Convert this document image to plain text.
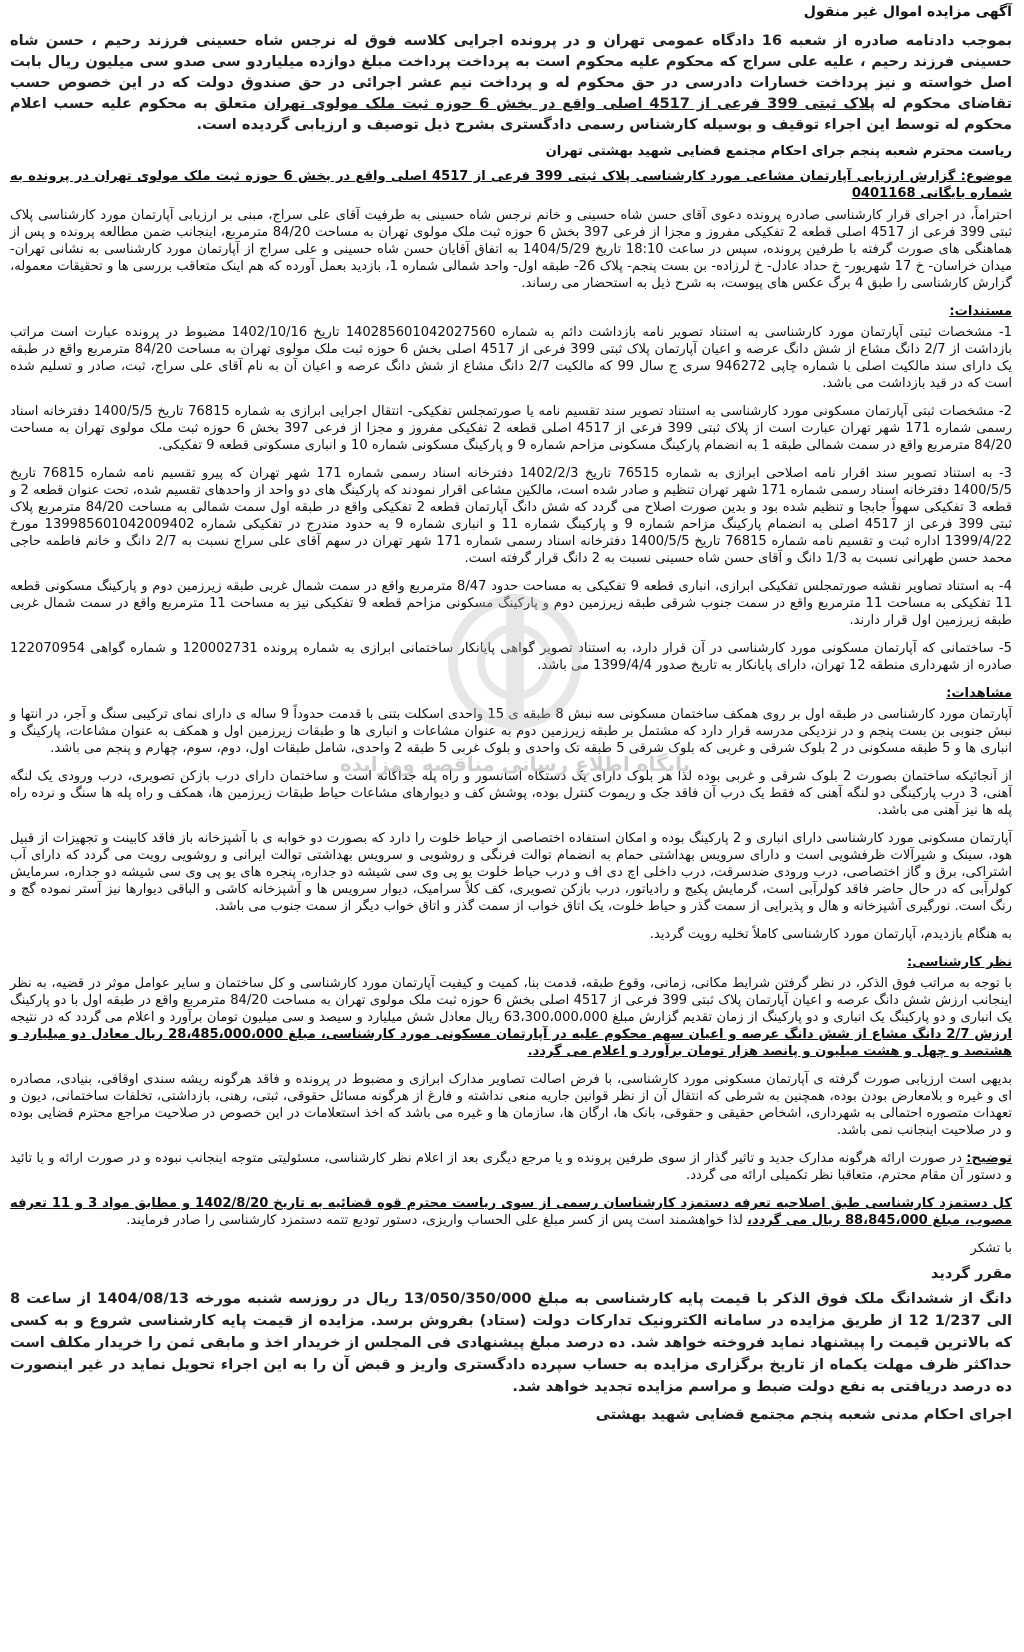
پایگاه اطلاع رسانی مناقصه ومزایده

آگهی مزایده اموال غیر منقول

بموجب دادنامه صادره از شعبه 16 دادگاه عمومی تهران و در پرونده اجرایی کلاسه فوق له نرجس شاه حسینی فرزند رحیم ، حسن شاه حسینی فرزند رحیم ، علیه علی سراج که محکوم علیه محکوم است به پرداخت پرداخت مبلغ دوازده میلیاردو سی صدو سی میلیون ریال بابت اصل خواسته و نیز پرداخت خسارات دادرسی در حق محکوم له و پرداخت نیم عشر اجرائی در حق صندوق دولت که در این خصوص حسب تقاضای محکوم له پلاک ثبتی 399 فرعی از 4517 اصلی واقع در بخش 6 حوزه ثبت ملک مولوی تهران متعلق به محکوم علیه حسب اعلام محکوم له توسط این اجراء توقیف و بوسیله کارشناس رسمی دادگستری بشرح ذیل توصیف و ارزیابی گردیده است.

ریاست محترم شعبه پنجم جرای احکام مجتمع قضایی شهید بهشتی تهران

موضوع: گزارش ارزیابی آپارتمان مشاعی مورد کارشناسی پلاک ثبتی 399 فرعی از 4517 اصلی واقع در بخش 6 حوزه ثبت ملک مولوی تهران در پرونده به شماره بایگانی 0401168

احتراماً، در اجرای قرار کارشناسی صادره پرونده دعوی آقای حسن شاه حسینی و خانم نرجس شاه حسینی به طرفیت آقای علی سراج، مبنی بر ارزیابی آپارتمان مورد کارشناسی پلاک ثبتی 399 فرعی از 4517 اصلی قطعه 2 تفکیکی مفروز و مجزا از فرعی 397 بخش 6 حوزه ثبت ملک مولوی تهران به مساحت 84/20 مترمربع، اینجانب ضمن مطالعه پرونده و پس از هماهنگی های صورت گرفته با طرفین پرونده، سپس در ساعت 18:10 تاریخ 1404/5/29 به اتفاق آقایان حسن شاه حسینی و علی سراج از آپارتمان مورد کارشناسی به نشانی تهران- میدان خراسان- خ 17 شهریور- خ حداد عادل- خ لرزاده- بن بست پنجم- پلاک 26- طبقه اول- واحد شمالی شماره 1، بازدید بعمل آورده که هم اینک متعاقب بررسی ها و تحقیقات معموله، گزارش کارشناسی را طبق 4 برگ عکس های پیوست، به شرح ذیل به استحضار می رساند.

مستندات:

1- مشخصات ثبتی آپارتمان مورد کارشناسی به استناد تصویر نامه بازداشت دائم به شماره 140285601042027560 تاریخ 1402/10/16 مضبوط در پرونده عبارت است مراتب بازداشت از 2/7 دانگ مشاع از شش دانگ عرصه و اعیان آپارتمان پلاک ثبتی 399 فرعی از 4517 اصلی بخش 6 حوزه ثبت ملک مولوی تهران به مساحت 84/20 مترمربع واقع در طبقه یک دارای سند مالکیت اصلی با شماره چاپی 946272 سری ج سال 99 که مالکیت 2/7 دانگ مشاع از شش دانگ عرصه و اعیان آن به نام آقای علی سراج، ثبت، صادر و تسلیم شده است که در قید بازداشت می باشد.

2- مشخصات ثبتی آپارتمان مسکونی مورد کارشناسی به استناد تصویر سند تقسیم نامه یا صورتمجلس تفکیکی- انتقال اجرایی ابرازی به شماره 76815 تاریخ 1400/5/5 دفترخانه اسناد رسمی شماره 171 شهر تهران عبارت است از پلاک ثبتی 399 فرعی از 4517 اصلی قطعه 2 تفکیکی مفروز و مجزا از فرعی 397 بخش 6 حوزه ثبت ملک مولوی تهران به مساحت 84/20 مترمربع واقع در سمت شمالی طبقه 1 به انضمام پارکینگ مسکونی مزاحم شماره 9 و پارکینگ مسکونی شماره 10 و انباری مسکونی قطعه 9 تفکیکی.

3- به استناد تصویر سند اقرار نامه اصلاحی ابرازی به شماره 76515 تاریخ 1402/2/3 دفترخانه اسناد رسمی شماره 171 شهر تهران که پیرو تقسیم نامه شماره 76815 تاریخ 1400/5/5 دفترخانه اسناد رسمی شماره 171 شهر تهران تنظیم و صادر شده است، مالکین مشاعی اقرار نمودند که پارکینگ های دو واحد از واحدهای تقسیم شده، تحت عنوان قطعه 2 و قطعه 3 تفکیکی سهواً جابجا و تنظیم شده بود و بدین صورت اصلاح می گردد که شش دانگ آپارتمان قطعه 2 تفکیکی واقع در طبقه اول سمت شمالی به مساحت 84/20 مترمربع پلاک ثبتی 399 فرعی از 4517 اصلی به انضمام پارکینگ مزاحم شماره 9 و پارکینگ شماره 11 و انباری شماره 9 به حدود مندرج در تفکیکی شماره 139985601042009402 مورخ 1399/4/22 اداره ثبت و تقسیم نامه شماره 76815 تاریخ 1400/5/5 دفترخانه اسناد رسمی شماره 171 شهر تهران در سهم آقای علی سراج نسبت به 2/7 دانگ و خانم فاطمه حاجی محمد حسن طهرانی نسبت به 1/3 دانگ و آقای حسن شاه حسینی نسبت به 2 دانگ قرار گرفته است.

4- به استناد تصاویر نقشه صورتمجلس تفکیکی ابرازی، انباری قطعه 9 تفکیکی به مساحت حدود 8/47 مترمربع واقع در سمت شمال غربی طبقه زیرزمین دوم و پارکینگ مسکونی قطعه 11 تفکیکی به مساحت 11 مترمربع واقع در سمت جنوب شرقی طبقه زیرزمین دوم و پارکینگ مسکونی مزاحم قطعه 9 تفکیکی نیز به مساحت 11 مترمربع واقع در سمت شمال غربی طبقه زیرزمین اول قرار دارند.

5- ساختمانی که آپارتمان مسکونی مورد کارشناسی در آن قرار دارد، به استناد تصویر گواهی پایانکار ساختمانی ابرازی به شماره پرونده 120002731 و شماره گواهی 122070954 صادره از شهرداری منطقه 12 تهران، دارای پایانکار به تاریخ صدور 1399/4/4 می باشد.

مشاهدات:

آپارتمان مورد کارشناسی در طبقه اول بر روی همکف ساختمان مسکونی سه نبش 8 طبقه ی 15 واحدی اسکلت بتنی با قدمت حدوداً 9 ساله ی دارای نمای ترکیبی سنگ و آجر، در انتها و نبش جنوبی بن بست پنجم و در نزدیکی مدرسه قرار دارد که مشتمل بر طبقه زیرزمین دوم به عنوان مشاعات و انباری ها و طبقات زیرزمین اول و همکف به عنوان مشاعات، پارکینگ و انباری ها و 5 طبقه مسکونی در 2 بلوک شرقی و غربی که بلوک شرقی 5 طبقه تک واحدی و بلوک غربی 5 طبقه 2 واحدی، شامل طبقات اول، دوم، سوم، چهارم و پنجم می باشد.

از آنجائیکه ساختمان بصورت 2 بلوک شرقی و غربی بوده لذا هر بلوک دارای یک دستگاه آسانسور و راه پله جداگانه است و ساختمان دارای درب بازکن تصویری، درب ورودی یک لنگه آهنی، 3 درب پارکینگی دو لنگه آهنی که فقط یک درب آن فاقد جک و ریموت کنترل بوده، پوشش کف و دیوارهای مشاعات حیاط طبقات زیرزمین ها، همکف و راه پله ها سنگ و نرده راه پله ها نیز آهنی می باشد.

آپارتمان مسکونی مورد کارشناسی دارای انباری و 2 پارکینگ بوده و امکان استفاده اختصاصی از حیاط خلوت را دارد که بصورت دو خوابه ی با آشپزخانه باز فاقد کابینت و تجهیزات از قبیل هود، سینک و شیرآلات ظرفشویی است و دارای سرویس بهداشتی حمام به انضمام توالت فرنگی و روشویی و سرویس بهداشتی توالت ایرانی و روشویی رویت می گردد که دارای آب اشتراکی، برق و گاز اختصاصی، درب ورودی ضدسرقت، درب داخلی اچ دی اف و درب حیاط خلوت یو پی وی سی شیشه دو جداره، پنجره های یو پی وی سی شیشه دو جداره، سرمایش کولرآبی که در حال حاضر فاقد کولرآبی است، گرمایش پکیج و رادیاتور، درب بازکن تصویری، کف کلاً سرامیک، دیوار سرویس ها و آشپزخانه کاشی و الباقی دیوارها نیز آستر نموده گچ و رنگ است. نورگیری آشپزخانه و هال و پذیرایی از سمت گذر و حیاط خلوت، یک اتاق خواب از سمت گذر و اتاق خواب دیگر از سمت جنوب می باشد.

به هنگام بازدیدم، آپارتمان مورد کارشناسی کاملاً تخلیه رویت گردید.

نظر کارشناسی:

با توجه به مراتب فوق الذکر، در نظر گرفتن شرایط مکانی، زمانی، وقوع طبقه، قدمت بنا، کمیت و کیفیت آپارتمان مورد کارشناسی و کل ساختمان و سایر عوامل موثر در قضیه، به نظر اینجانب ارزش شش دانگ عرصه و اعیان آپارتمان پلاک ثبتی 399 فرعی از 4517 اصلی بخش 6 حوزه ثبت ملک مولوی تهران به مساحت 84/20 مترمربع واقع در طبقه اول با دو پارکینگ یک انباری و دو پارکینگ یک انباری و دو پارکینگ از زمان تقدیم گزارش مبلغ 63،300،000،000 ریال معادل شش میلیارد و سیصد و سی میلیون تومان برآورد و اعلام می گردد که در نتیجه ارزش 2/7 دانگ مشاع از شش دانگ عرصه و اعیان سهم محکوم علیه در آپارتمان مسکونی مورد کارشناسی، مبلغ 28،485،000،000 ریال معادل دو میلیارد و هشتصد و چهل و هشت میلیون و پانصد هزار تومان برآورد و اعلام می گردد.

بدیهی است ارزیابی صورت گرفته ی آپارتمان مسکونی مورد کارشناسی، با فرض اصالت تصاویر مدارک ابرازی و مضبوط در پرونده و فاقد هرگونه ریشه سندی اوقافی، بنیادی، مصادره ای و غیره و بلامعارض بودن بوده، همچنین به شرطی که انتقال آن از نظر قوانین جاریه منعی نداشته و فارغ از هرگونه مسائل حقوقی، ثبتی، رهنی، بازداشتی، تخلفات ساختمانی، دیون و تعهدات متصوره احتمالی به شهرداری، اشخاص حقیقی و حقوقی، بانک ها، ارگان ها، سازمان ها و غیره می باشد که اخذ استعلامات در این خصوص در صلاحیت مراجع محترم قضایی بوده و در صلاحیت اینجانب نمی باشد.

توضیح: در صورت ارائه هرگونه مدارک جدید و تاثیر گذار از سوی طرفین پرونده و یا مرجع دیگری بعد از اعلام نظر کارشناسی، مسئولیتی متوجه اینجانب نبوده و در صورت ارائه و یا تائید و دستور آن مقام محترم، متعاقبا نظر تکمیلی ارائه می گردد.

کل دستمزد کارشناسی طبق اصلاحیه تعرفه دستمزد کارشناسان رسمی از سوی ریاست محترم قوه قضائیه به تاریخ 1402/8/20 و مطابق مواد 3 و 11 تعرفه مصوب، مبلغ 88،845،000 ریال می گردد، لذا خواهشمند است پس از کسر مبلغ علی الحساب واریزی، دستور تودیع تتمه دستمزد کارشناسی را صادر فرمایند.

با تشکر

مقرر گردید

دانگ از ششدانگ ملک فوق الذکر با قیمت پایه کارشناسی به مبلغ 13/050/350/000 ریال در روزسه شنبه مورخه 1404/08/13 از ساعت 8 الی 1/237 12 از طریق مزایده در سامانه الکترونیک تدارکات دولت (ستاد) بفروش برسد. مزایده از قیمت پایه کارشناسی شروع و به کسی که بالاترین قیمت را پیشنهاد نماید فروخته خواهد شد. ده درصد مبلغ پیشنهادی فی المجلس از خریدار اخذ و مابقی ثمن را خریدار مکلف است حداکثر ظرف مهلت یکماه از تاریخ برگزاری مزایده به حساب سپرده دادگستری واریز و قبض آن را به این اجراء تحویل نماید در غیر اینصورت ده درصد دریافتی به نفع دولت ضبط و مراسم مزایده تجدید خواهد شد.

اجرای احکام مدنی شعبه پنجم مجتمع قضایی شهید بهشتی
